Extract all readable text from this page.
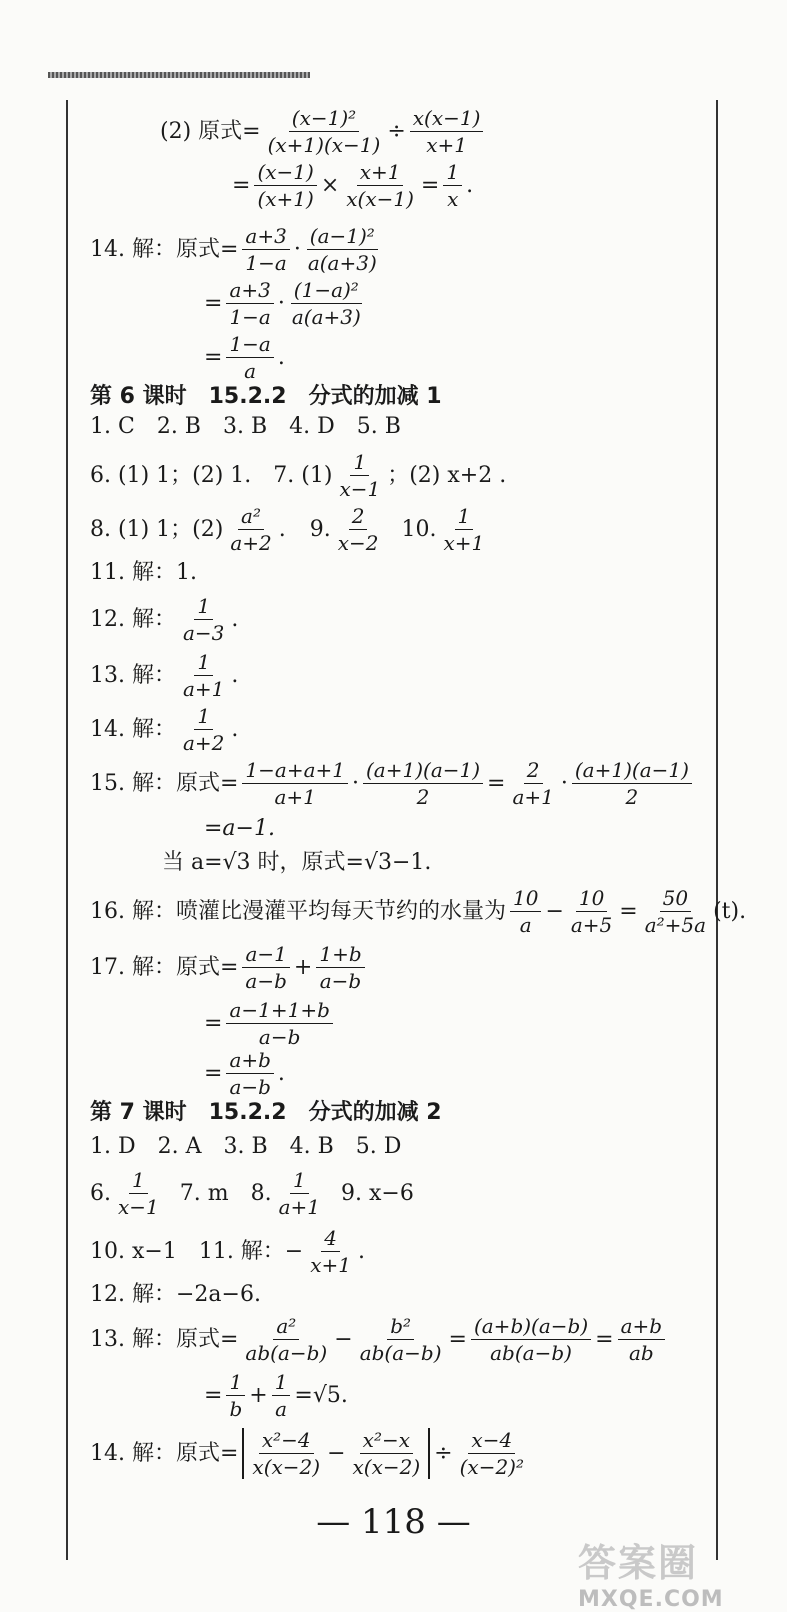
(2) 原式= $\frac{\text{(x−1)²}}{(x+1)(x-1)} \div \frac{x(x-1)}{x+1}$
= $\frac{(x-1)}{(x+1)} \times \frac{x+1}{x(x-1)} = \frac{1}{x}$ .
14. 解：原式= $\frac{a+3}{1-a} \cdot \frac{\text{(a−1)²}}{a(a+3)}$
= $\frac{a+3}{1-a} \cdot \frac{\text{(1−a)²}}{a(a+3)}$
= $\frac{1-a}{a}$ .
第 6 课时　15.2.2　分式的加减 1
1. C　2. B　3. B　4. D　5. B
6. (1) 1；(2) 1.　7. $(1) \frac{1}{x-1}$ ；(2) x+2 .
8. (1) 1；$(2) \frac{\text{a²}}{a+2}$ . 9. $\frac{2}{x-2} 10$. $\frac{1}{x+1}$
11. 解：1.
12. 解： $\frac{1}{a-3}$ .
13. 解： $\frac{1}{a+1}$ .
14. 解： $\frac{1}{a+2}$ .
15. 解：原式= $\frac{1-a+a+1}{a+1} \cdot \frac{(a+1)(a-1)}{2} = \frac{2}{a+1} \cdot \frac{(a+1)(a-1)}{2}$
=a−1.
当 a=√3 时，原式=√3−1.
16. 解：喷灌比漫灌平均每天节约的水量为 $\frac{10}{a} - \frac{10}{a+5} = \frac{50}{\text{a²+5a}} (t)$.
17. 解：原式= $\frac{a-1}{a-b} + \frac{1+b}{a-b}$
= $\frac{a-1+1+b}{a-b}$
= $\frac{a+b}{a-b}$ .
第 7 课时　15.2.2　分式的加减 2
1. D　2. A　3. B　4. B　5. D
6. $\frac{1}{x-1} 7$. m　8. $\frac{1}{a+1} 9$. x−6
10. x−1　11. 解：− $\frac{4}{x+1}$ .
12. 解：−2a−6.
13. 解：原式= $\frac{\text{a²}}{ab(a-b)} - \frac{\text{b²}}{ab(a-b)} = \frac{(a+b)(a-b)}{ab(a-b)} = \frac{a+b}{ab}$
= $\frac{1}{b} + \frac{1}{a} =√5$.
14. 解：原式= $\frac{\text{x²−4}}{x(x-2)} - \frac{\text{x²−x}}{x(x-2)} \div \frac{x-4}{\text{(x−2)²}}$
— 118 —
答案圈
MXQE.COM
